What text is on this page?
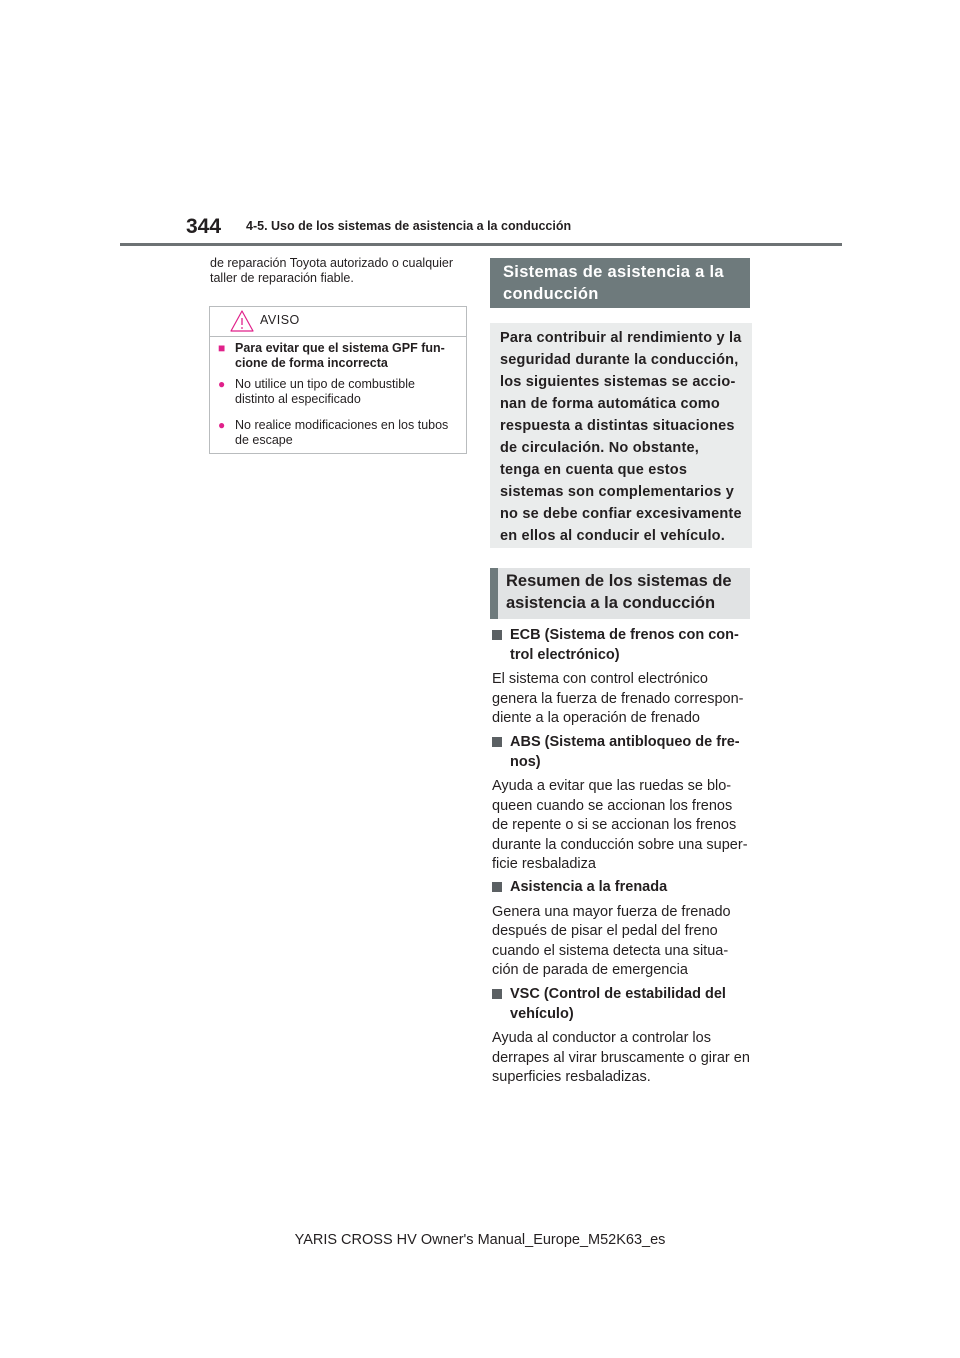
344 4-5. Uso de los sistemas de asistencia a la conducción

de reparación Toyota autorizado o cualquier taller de reparación fiable.

AVISO
■ Para evitar que el sistema GPF fun- cione de forma incorrecta
● No utilice un tipo de combustible distinto al especificado
● No realice modificaciones en los tubos de escape
Sistemas de asistencia a la conducción
Para contribuir al rendimiento y la seguridad durante la conducción, los siguientes sistemas se accio- nan de forma automática como respuesta a distintas situaciones de circulación. No obstante, tenga en cuenta que estos sistemas son complementarios y no se debe confiar excesivamente en ellos al conducir el vehículo.
Resumen de los sistemas de asistencia a la conducción
ECB (Sistema de frenos con con- trol electrónico)
El sistema con control electrónico genera la fuerza de frenado correspon- diente a la operación de frenado
ABS (Sistema antibloqueo de fre- nos)
Ayuda a evitar que las ruedas se blo- queen cuando se accionan los frenos de repente o si se accionan los frenos durante la conducción sobre una super- ficie resbaladiza
Asistencia a la frenada
Genera una mayor fuerza de frenado después de pisar el pedal del freno cuando el sistema detecta una situa- ción de parada de emergencia
VSC (Control de estabilidad del vehículo)
Ayuda al conductor a controlar los derrapes al virar bruscamente o girar en superficies resbaladizas.
YARIS CROSS HV Owner's Manual_Europe_M52K63_es
